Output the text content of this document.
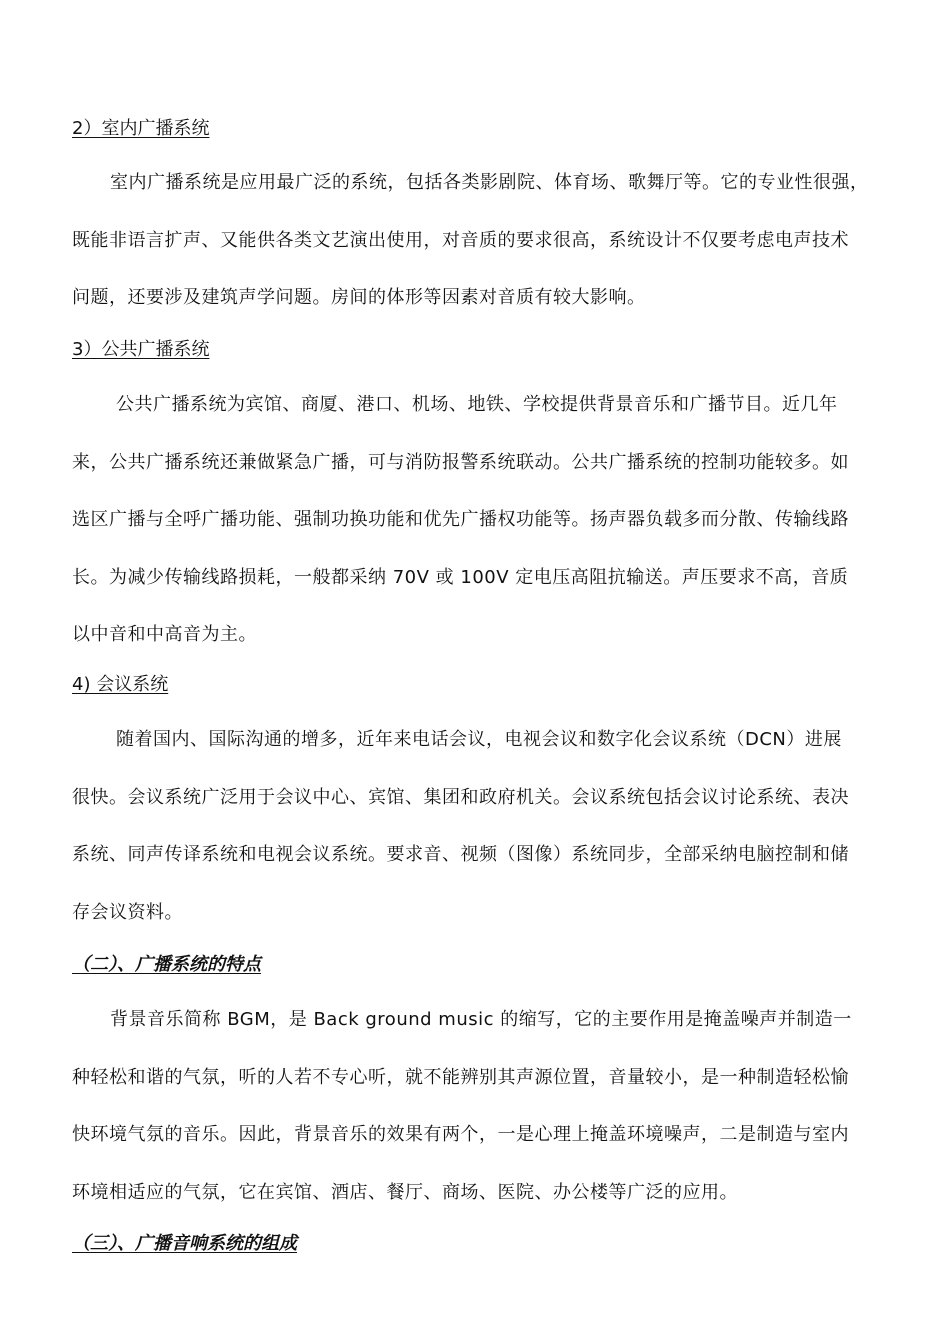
2）室内广播系统
室内广播系统是应用最广泛的系统，包括各类影剧院、体育场、歌舞厅等。它的专业性很强，
既能非语言扩声、又能供各类文艺演出使用，对音质的要求很高，系统设计不仅要考虑电声技术
问题，还要涉及建筑声学问题。房间的体形等因素对音质有较大影响。
3）公共广播系统
公共广播系统为宾馆、商厦、港口、机场、地铁、学校提供背景音乐和广播节目。近几年
来，公共广播系统还兼做紧急广播，可与消防报警系统联动。公共广播系统的控制功能较多。如
选区广播与全呼广播功能、强制功换功能和优先广播权功能等。扬声器负载多而分散、传输线路
长。为减少传输线路损耗，一般都采纳 70V 或 100V 定电压高阻抗输送。声压要求不高，音质
以中音和中高音为主。
4) 会议系统
随着国内、国际沟通的增多，近年来电话会议，电视会议和数字化会议系统（DCN）进展
很快。会议系统广泛用于会议中心、宾馆、集团和政府机关。会议系统包括会议讨论系统、表决
系统、同声传译系统和电视会议系统。要求音、视频（图像）系统同步，全部采纳电脑控制和储
存会议资料。
（二）、广播系统的特点
背景音乐简称 BGM，是 Back ground music 的缩写，它的主要作用是掩盖噪声并制造一
种轻松和谐的气氛，听的人若不专心听，就不能辨别其声源位置，音量较小，是一种制造轻松愉
快环境气氛的音乐。因此，背景音乐的效果有两个，一是心理上掩盖环境噪声，二是制造与室内
环境相适应的气氛，它在宾馆、酒店、餐厅、商场、医院、办公楼等广泛的应用。
（三）、广播音响系统的组成
